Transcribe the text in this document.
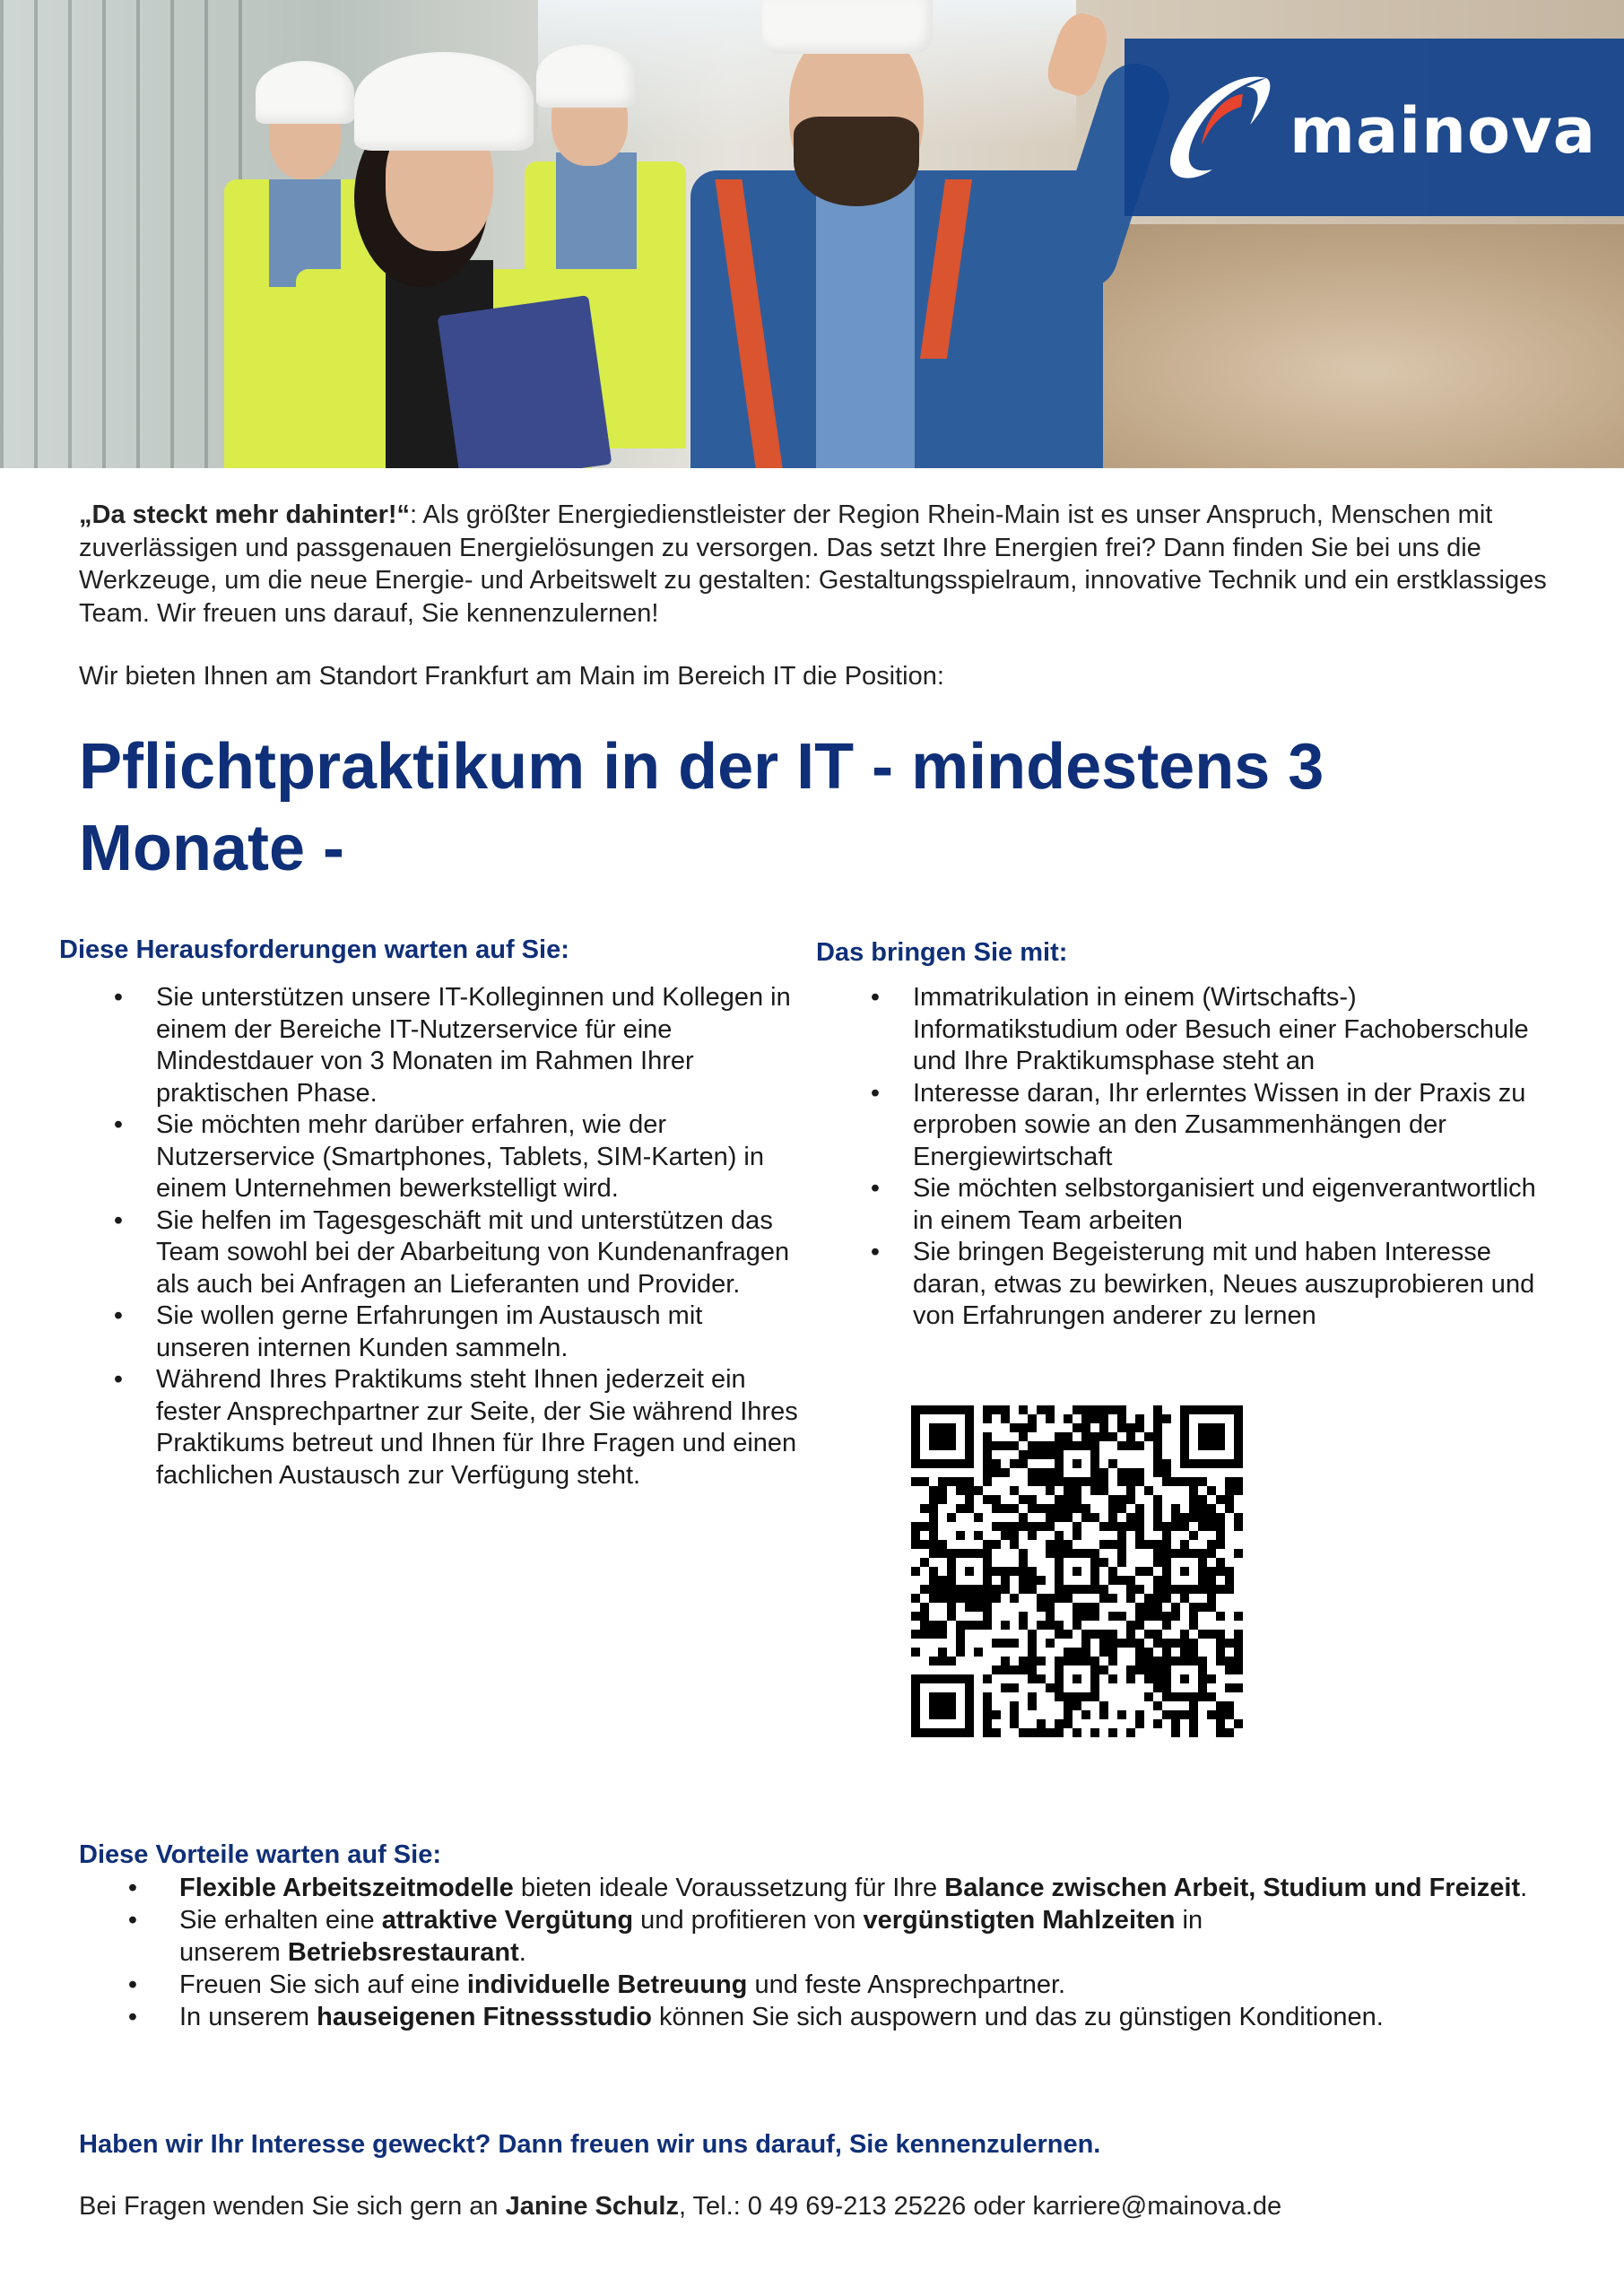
mainova
„Da steckt mehr dahinter!“: Als größter Energiedienstleister der Region Rhein-Main ist es unser Anspruch, Menschen mit zuverlässigen und passgenauen Energielösungen zu versorgen. Das setzt Ihre Energien frei? Dann finden Sie bei uns die Werkzeuge, um die neue Energie- und Arbeitswelt zu gestalten: Gestaltungsspielraum, innovative Technik und ein erstklassiges Team. Wir freuen uns darauf, Sie kennenzulernen!
Wir bieten Ihnen am Standort Frankfurt am Main im Bereich IT die Position:
Pflichtpraktikum in der IT - mindestens 3 Monate -
Diese Herausforderungen warten auf Sie:
•	Sie unterstützen unsere IT-Kolleginnen und Kollegen in einem der Bereiche IT-Nutzerservice für eine Mindestdauer von 3 Monaten im Rahmen Ihrer praktischen Phase.
•	Sie möchten mehr darüber erfahren, wie der Nutzerservice (Smartphones, Tablets, SIM-Karten) in einem Unternehmen bewerkstelligt wird.
•	Sie helfen im Tagesgeschäft mit und unterstützen das Team sowohl bei der Abarbeitung von Kundenanfragen als auch bei Anfragen an Lieferanten und Provider.
•	Sie wollen gerne Erfahrungen im Austausch mit unseren internen Kunden sammeln.
•	Während Ihres Praktikums steht Ihnen jederzeit ein fester Ansprechpartner zur Seite, der Sie während Ihres Praktikums betreut und Ihnen für Ihre Fragen und einen fachlichen Austausch zur Verfügung steht.
Das bringen Sie mit:
•	Immatrikulation in einem (Wirtschafts-) Informatikstudium oder Besuch einer Fachoberschule und Ihre Praktikumsphase steht an
•	Interesse daran, Ihr erlerntes Wissen in der Praxis zu erproben sowie an den Zusammenhängen der Energiewirtschaft
•	Sie möchten selbstorganisiert und eigenverantwortlich in einem Team arbeiten
•	Sie bringen Begeisterung mit und haben Interesse daran, etwas zu bewirken, Neues auszuprobieren und von Erfahrungen anderer zu lernen
Diese Vorteile warten auf Sie:
•	Flexible Arbeitszeitmodelle bieten ideale Voraussetzung für Ihre Balance zwischen Arbeit, Studium und Freizeit.
•	Sie erhalten eine attraktive Vergütung und profitieren von vergünstigten Mahlzeiten in
unserem Betriebsrestaurant.
•	Freuen Sie sich auf eine individuelle Betreuung und feste Ansprechpartner.
•	In unserem hauseigenen Fitnessstudio können Sie sich auspowern und das zu günstigen Konditionen.
Haben wir Ihr Interesse geweckt? Dann freuen wir uns darauf, Sie kennenzulernen.
Bei Fragen wenden Sie sich gern an Janine Schulz, Tel.: 0 49 69-213 25226 oder karriere@mainova.de
